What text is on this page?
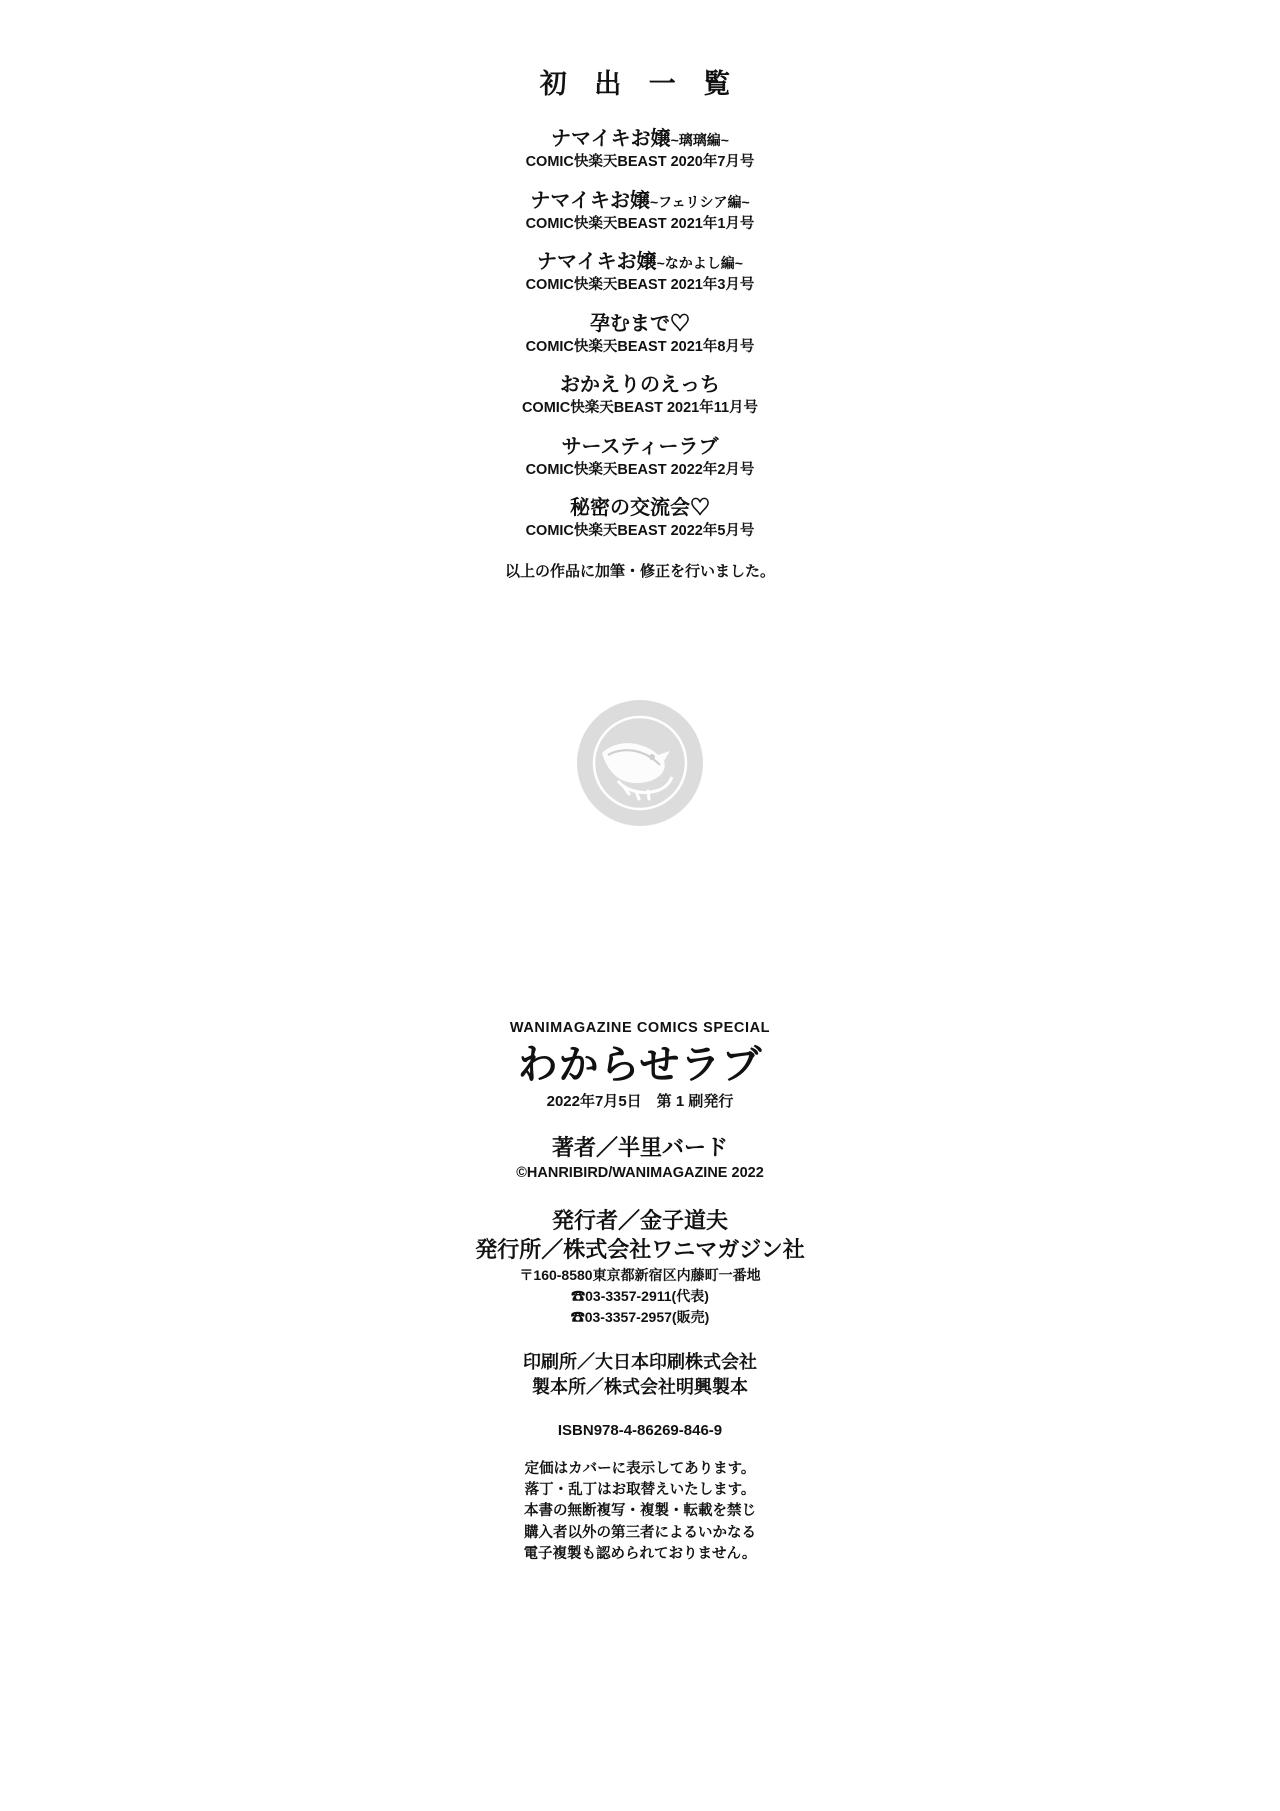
初 出 一 覧
ナマイキお嬢~璃璃編~
COMIC快楽天BEAST 2020年7月号
ナマイキお嬢~フェリシア編~
COMIC快楽天BEAST 2021年1月号
ナマイキお嬢~なかよし編~
COMIC快楽天BEAST 2021年3月号
孕むまで♡
COMIC快楽天BEAST 2021年8月号
おかえりのえっち
COMIC快楽天BEAST 2021年11月号
サースティーラブ
COMIC快楽天BEAST 2022年2月号
秘密の交流会♡
COMIC快楽天BEAST 2022年5月号
以上の作品に加筆・修正を行いました。
WANIMAGAZINE COMICS SPECIAL
わからせラブ
2022年7月5日　第 1 刷発行
著者／半里バード
©HANRIBIRD/WANIMAGAZINE 2022
発行者／金子道夫
発行所／株式会社ワニマガジン社
〒160-8580東京都新宿区内藤町一番地
☎03-3357-2911(代表)
☎03-3357-2957(販売)
印刷所／大日本印刷株式会社
製本所／株式会社明興製本
ISBN978-4-86269-846-9
定価はカバーに表示してあります。
落丁・乱丁はお取替えいたします。
本書の無断複写・複製・転載を禁じ
購入者以外の第三者によるいかなる
電子複製も認められておりません。
